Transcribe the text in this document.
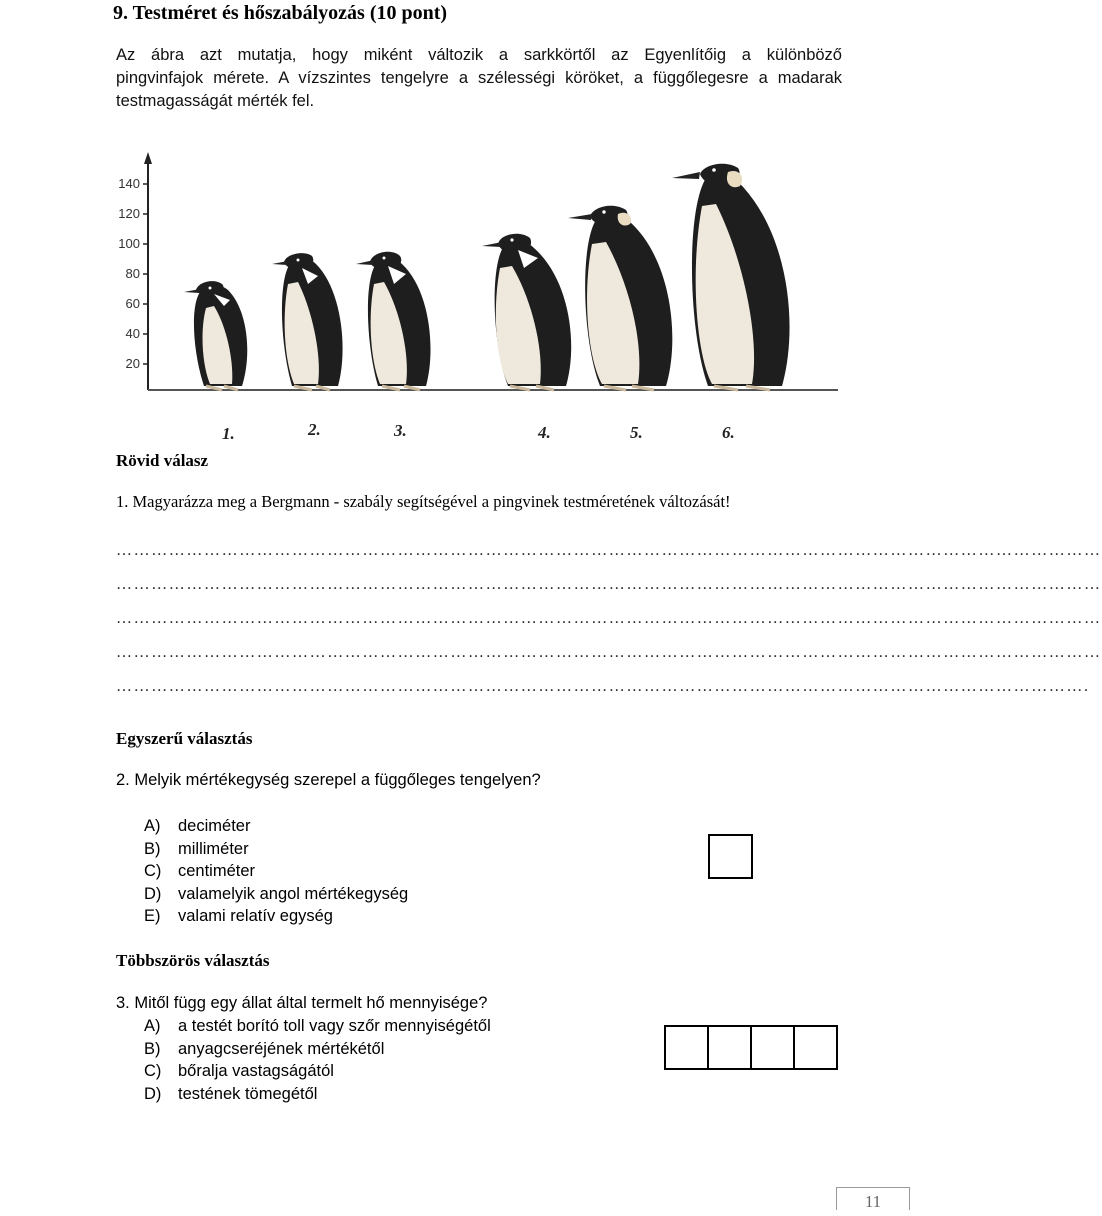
9. Testméret és hőszabályozás (10 pont)
Az ábra azt mutatja, hogy miként változik a sarkkörtől az Egyenlítőig a különböző
pingvinfajok mérete. A vízszintes tengelyre a szélességi köröket, a függőlegesre a madarak
testmagasságát mérték fel.
140
120
100
80
60
40
20
1.	2.	3.	4.	5.	6.
Rövid válasz
1. Magyarázza meg a Bergmann - szabály segítségével a pingvinek testméretének változását!
……………………………………………………………………………………………………………………………………………………
……………………………………………………………………………………………………………………………………………………
……………………………………………………………………………………………………………………………………………………
……………………………………………………………………………………………………………………………………………………
………………………………………………………………………………………………………………………………………………….
Egyszerű választás
2. Melyik mértékegység szerepel a függőleges tengelyen?
A) deciméter
B) milliméter
C) centiméter
D) valamelyik angol mértékegység
E) valami relatív egység
Többszörös választás
3. Mitől függ egy állat által termelt hő mennyisége?
A) a testét borító toll vagy szőr mennyiségétől
B) anyagcseréjének mértékétől
C) bőralja vastagságától
D) testének tömegétől
11
